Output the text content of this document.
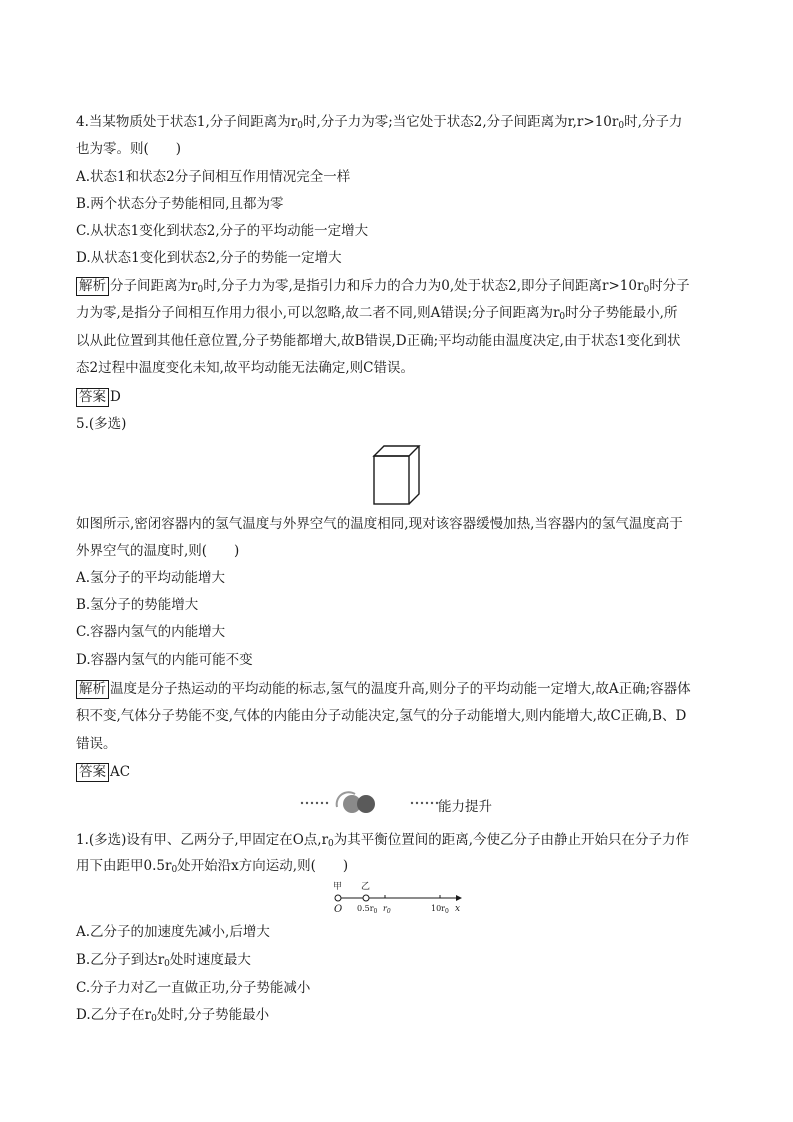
4.当某物质处于状态1,分子间距离为$r_0$时,分子力为零;当它处于状态2,分子间距离为$r,r>10r_0$时,分子力
也为零。则(　　)
A.状态1和状态2分子间相互作用情况完全一样
B.两个状态分子势能相同,且都为零
C.从状态1变化到状态2,分子的平均动能一定增大
D.从状态1变化到状态2,分子的势能一定增大
解析 分子间距离为$r_0$时,分子力为零,是指引力和斥力的合力为0,处于状态2,即分子间距离$r>10r_0$时分子
力为零,是指分子间相互作用力很小,可以忽略,故二者不同,则A错误;分子间距离为$r_0$时分子势能最小,所
以从此位置到其他任意位置,分子势能都增大,故B错误,D正确;平均动能由温度决定,由于状态1变化到状
态2过程中温度变化未知,故平均动能无法确定,则C错误。
答案 D
5.(多选)
如图所示,密闭容器内的氢气温度与外界空气的温度相同,现对该容器缓慢加热,当容器内的氢气温度高于
外界空气的温度时,则(　　)
A.氢分子的平均动能增大
B.氢分子的势能增大
C.容器内氢气的内能增大
D.容器内氢气的内能可能不变
解析 温度是分子热运动的平均动能的标志,氢气的温度升高,则分子的平均动能一定增大,故A正确;容器体
积不变,气体分子势能不变,气体的内能由分子动能决定,氢气的分子动能增大,则内能增大,故C正确,B、D
错误。
答案 AC
能力提升
1.(多选)设有甲、乙两分子,甲固定在O点$,r_0$为其平衡位置间的距离,今使乙分子由静止开始只在分子力作
用下由距甲$0.5r_0$处开始沿x方向运动,则(　　)
甲 乙
O $0.5r_0$ $r_0$	$10r_0$ x
A.乙分子的加速度先减小,后增大
B.乙分子到达$r_0$处时速度最大
C.分子力对乙一直做正功,分子势能减小
D.乙分子在$r_0$处时,分子势能最小
